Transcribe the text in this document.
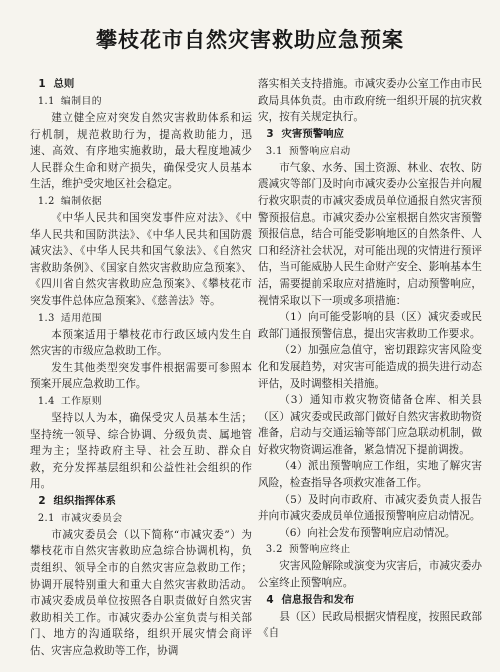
攀枝花市自然灾害救助应急预案
1 总则
1.1 编制目的

建立健全应对突发自然灾害救助体系和运行机制，规范救助行为，提高救助能力，迅速、高效、有序地实施救助，最大程度地减少人民群众生命和财产损失，确保受灾人员基本生活，维护受灾地区社会稳定。

1.2 编制依据

《中华人民共和国突发事件应对法》、《中华人民共和国防洪法》、《中华人民共和国防震减灾法》、《中华人民共和国气象法》、《自然灾害救助条例》、《国家自然灾害救助应急预案》、《四川省自然灾害救助应急预案》、《攀枝花市突发事件总体应急预案》、《慈善法》等。

1.3 适用范围

本预案适用于攀枝花市行政区域内发生自然灾害的市级应急救助工作。

发生其他类型突发事件根据需要可参照本预案开展应急救助工作。

1.4 工作原则

坚持以人为本，确保受灾人员基本生活；坚持统一领导、综合协调、分级负责、属地管理为主；坚持政府主导、社会互助、群众自救，充分发挥基层组织和公益性社会组织的作用。

2 组织指挥体系
2.1 市减灾委员会

市减灾委员会（以下简称“市减灾委”）为攀枝花市自然灾害救助应急综合协调机构，负责组织、领导全市的自然灾害应急救助工作；协调开展特别重大和重大自然灾害救助活动。市减灾委成员单位按照各自职责做好自然灾害救助相关工作。市减灾委办公室负责与相关部门、地方的沟通联络，组织开展灾情会商评估、灾害应急救助等工作，协调

落实相关支持措施。市减灾委办公室工作由市民政局具体负责。由市政府统一组织开展的抗灾救灾，按有关规定执行。

3 灾害预警响应
3.1 预警响应启动

市气象、水务、国土资源、林业、农牧、防震减灾等部门及时向市减灾委办公室报告并向履行救灾职责的市减灾委成员单位通报自然灾害预警预报信息。市减灾委办公室根据自然灾害预警预报信息，结合可能受影响地区的自然条件、人口和经济社会状况，对可能出现的灾情进行预评估，当可能威胁人民生命财产安全、影响基本生活，需要提前采取应对措施时，启动预警响应，视情采取以下一项或多项措施：

（1）向可能受影响的县（区）减灾委或民政部门通报预警信息，提出灾害救助工作要求。

（2）加强应急值守，密切跟踪灾害风险变化和发展趋势，对灾害可能造成的损失进行动态评估，及时调整相关措施。

（3）通知市救灾物资储备仓库、相关县（区）减灾委或民政部门做好自然灾害救助物资准备，启动与交通运输等部门应急联动机制，做好救灾物资调运准备，紧急情况下提前调拨。

（4）派出预警响应工作组，实地了解灾害风险，检查指导各项救灾准备工作。

（5）及时向市政府、市减灾委负责人报告并向市减灾委成员单位通报预警响应启动情况。

（6）向社会发布预警响应启动情况。

3.2 预警响应终止

灾害风险解除或演变为灾害后，市减灾委办公室终止预警响应。

4 信息报告和发布

县（区）民政局根据灾情程度，按照民政部《自
